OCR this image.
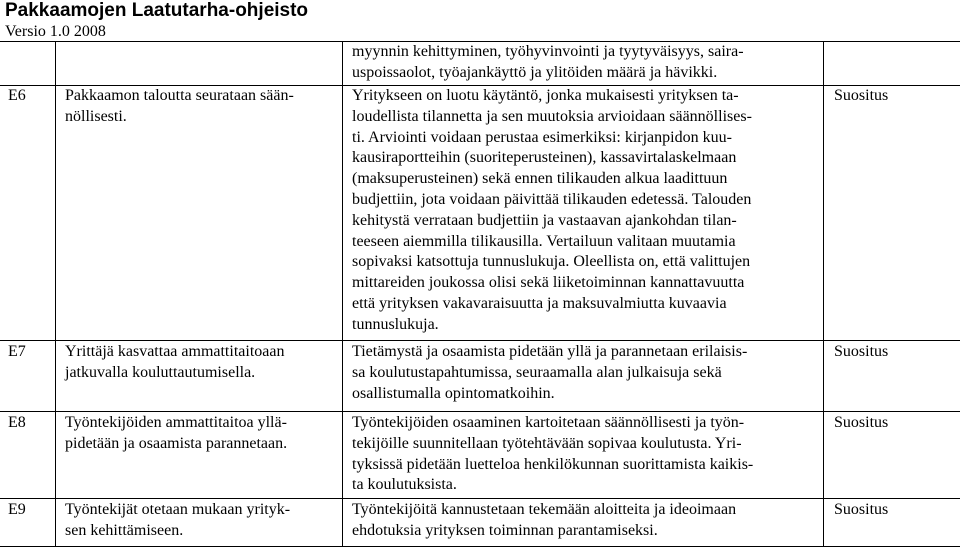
Pakkaamojen Laatutarha-ohjeisto
Versio 1.0 2008
myynnin kehittyminen, työhyvinvointi ja tyytyväisyys, saira-
uspoissaolot, työajankäyttö ja ylitöiden määrä ja hävikki.
E6 Pakkaamon taloutta seurataan sään-
nöllisesti.
Yritykseen on luotu käytäntö, jonka mukaisesti yrityksen ta-
loudellista tilannetta ja sen muutoksia arvioidaan säännöllises-
ti. Arviointi voidaan perustaa esimerkiksi: kirjanpidon kuu-
kausiraportteihin (suoriteperusteinen), kassavirtalaskelmaan
(maksuperusteinen) sekä ennen tilikauden alkua laadittuun
budjettiin, jota voidaan päivittää tilikauden edetessä. Talouden
kehitystä verrataan budjettiin ja vastaavan ajankohdan tilan-
teeseen aiemmilla tilikausilla. Vertailuun valitaan muutamia
sopivaksi katsottuja tunnuslukuja. Oleellista on, että valittujen
mittareiden joukossa olisi sekä liiketoiminnan kannattavuutta
että yrityksen vakavaraisuutta ja maksuvalmiutta kuvaavia
tunnuslukuja.
Suositus
E7 Yrittäjä kasvattaa ammattitaitoaan
jatkuvalla kouluttautumisella.
Tietämystä ja osaamista pidetään yllä ja parannetaan erilaisis-
sa koulutustapahtumissa, seuraamalla alan julkaisuja sekä
osallistumalla opintomatkoihin.
Suositus
E8 Työntekijöiden ammattitaitoa yllä-
pidetään ja osaamista parannetaan.
Työntekijöiden osaaminen kartoitetaan säännöllisesti ja työn-
tekijöille suunnitellaan työtehtävään sopivaa koulutusta. Yri-
tyksissä pidetään luetteloa henkilökunnan suorittamista kaikis-
ta koulutuksista.
Suositus
E9 Työntekijät otetaan mukaan yrityk-
sen kehittämiseen.
Työntekijöitä kannustetaan tekemään aloitteita ja ideoimaan
ehdotuksia yrityksen toiminnan parantamiseksi.
Suositus
